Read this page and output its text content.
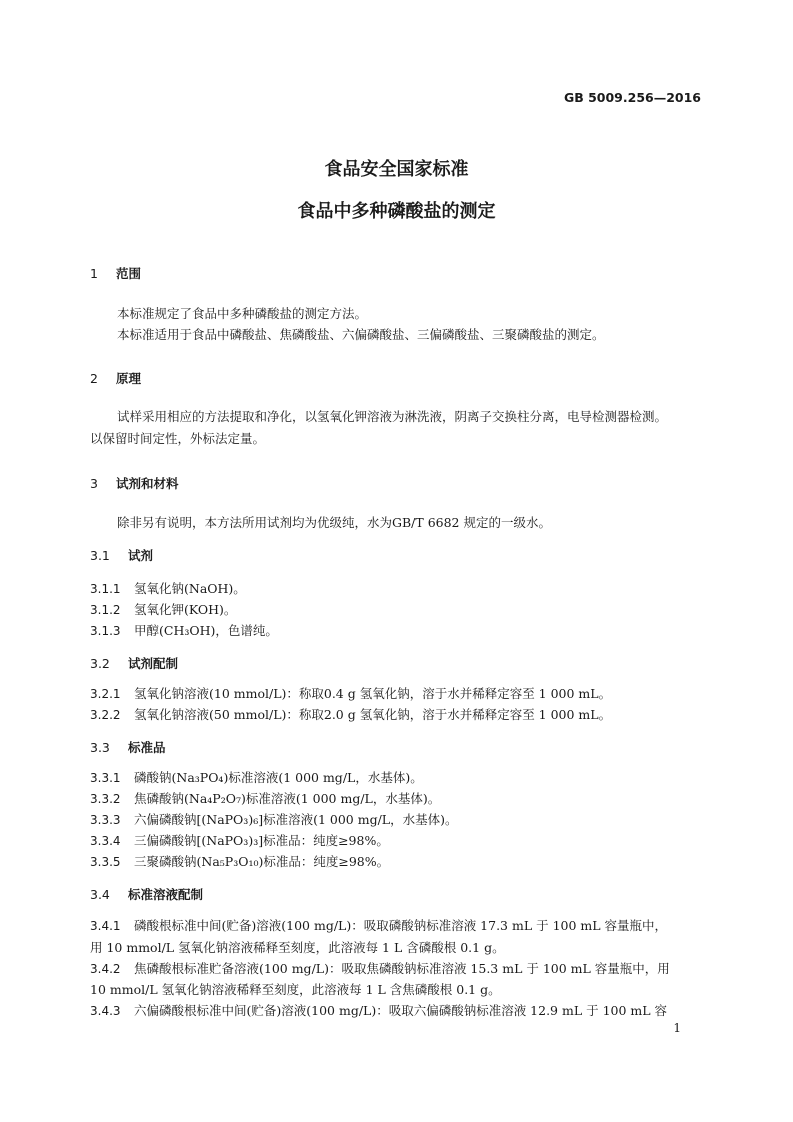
GB 5009.256—2016
食品安全国家标准
食品中多种磷酸盐的测定
1 范围
本标准规定了食品中多种磷酸盐的测定方法。
本标准适用于食品中磷酸盐、焦磷酸盐、六偏磷酸盐、三偏磷酸盐、三聚磷酸盐的测定。
2 原理
试样采用相应的方法提取和净化，以氢氧化钾溶液为淋洗液，阴离子交换柱分离，电导检测器检测。
以保留时间定性，外标法定量。
3 试剂和材料
除非另有说明，本方法所用试剂均为优级纯，水为GB/T 6682 规定的一级水。
3.1 试剂
3.1.1 氢氧化钠(NaOH)。
3.1.2 氢氧化钾(KOH)。
3.1.3 甲醇(CH₃OH)，色谱纯。
3.2 试剂配制
3.2.1 氢氧化钠溶液(10 mmol/L)：称取0.4 g 氢氧化钠，溶于水并稀释定容至 1 000 mL。
3.2.2 氢氧化钠溶液(50 mmol/L)：称取2.0 g 氢氧化钠，溶于水并稀释定容至 1 000 mL。
3.3 标准品
3.3.1 磷酸钠(Na₃PO₄)标准溶液(1 000 mg/L，水基体)。
3.3.2 焦磷酸钠(Na₄P₂O₇)标准溶液(1 000 mg/L，水基体)。
3.3.3 六偏磷酸钠[(NaPO₃)₆]标准溶液(1 000 mg/L，水基体)。
3.3.4 三偏磷酸钠[(NaPO₃)₃]标准品：纯度≥98%。
3.3.5 三聚磷酸钠(Na₅P₃O₁₀)标准品：纯度≥98%。
3.4 标准溶液配制
3.4.1 磷酸根标准中间(贮备)溶液(100 mg/L)：吸取磷酸钠标准溶液 17.3 mL 于 100 mL 容量瓶中，
用 10 mmol/L 氢氧化钠溶液稀释至刻度，此溶液每 1 L 含磷酸根 0.1 g。
3.4.2 焦磷酸根标准贮备溶液(100 mg/L)：吸取焦磷酸钠标准溶液 15.3 mL 于 100 mL 容量瓶中，用
10 mmol/L 氢氧化钠溶液稀释至刻度，此溶液每 1 L 含焦磷酸根 0.1 g。
3.4.3 六偏磷酸根标准中间(贮备)溶液(100 mg/L)：吸取六偏磷酸钠标准溶液 12.9 mL 于 100 mL 容
1
